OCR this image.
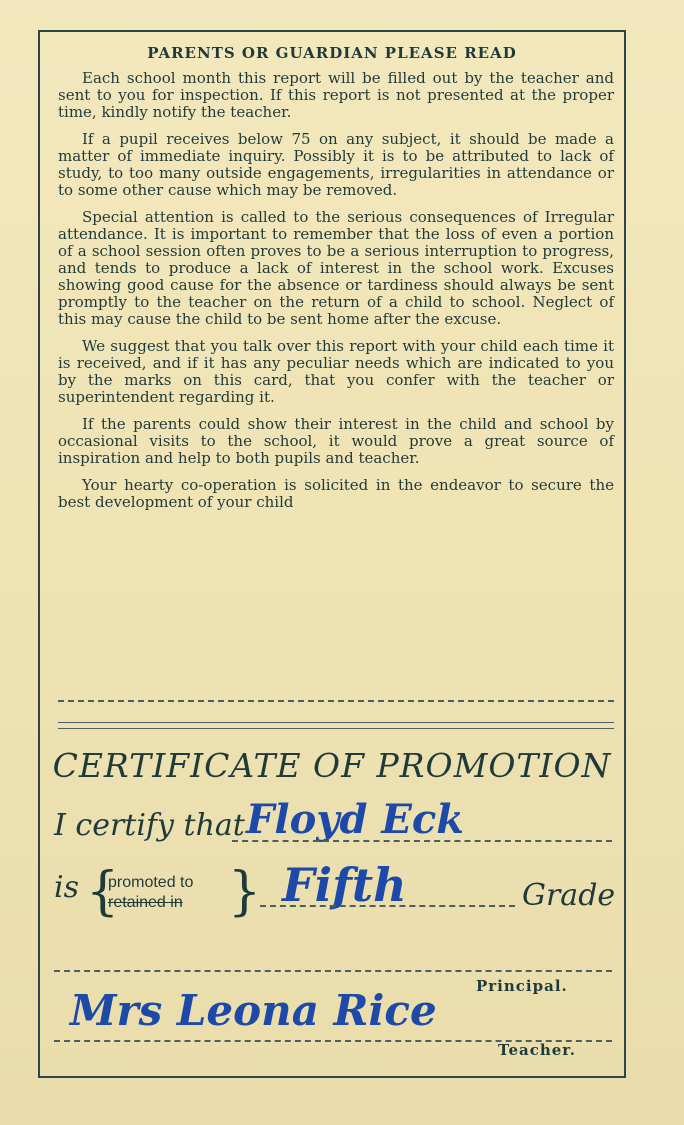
PARENTS OR GUARDIAN PLEASE READ

Each school month this report will be filled out by the teacher and sent to you for inspection. If this report is not presented at the proper time, kindly notify the teacher.

If a pupil receives below 75 on any subject, it should be made a matter of immediate inquiry. Possibly it is to be attributed to lack of study, to too many outside engagements, irregularities in attendance or to some other cause which may be removed.

Special attention is called to the serious consequences of Irregular attendance. It is important to remember that the loss of even a portion of a school session often proves to be a serious interruption to progress, and tends to produce a lack of interest in the school work. Excuses showing good cause for the absence or tardiness should always be sent promptly to the teacher on the return of a child to school. Neglect of this may cause the child to be sent home after the excuse.

We suggest that you talk over this report with your child each time it is received, and if it has any peculiar needs which are indicated to you by the marks on this card, that you confer with the teacher or superintendent regarding it.

If the parents could show their interest in the child and school by occasional visits to the school, it would prove a great source of inspiration and help to both pupils and teacher.

Your hearty co-operation is solicited in the endeavor to secure the best development of your child

CERTIFICATE OF PROMOTION
I certify that Floyd Eck
is {
promoted to
retained in } Fifth	Grade
Principal.
Mrs Leona Rice
Teacher.
